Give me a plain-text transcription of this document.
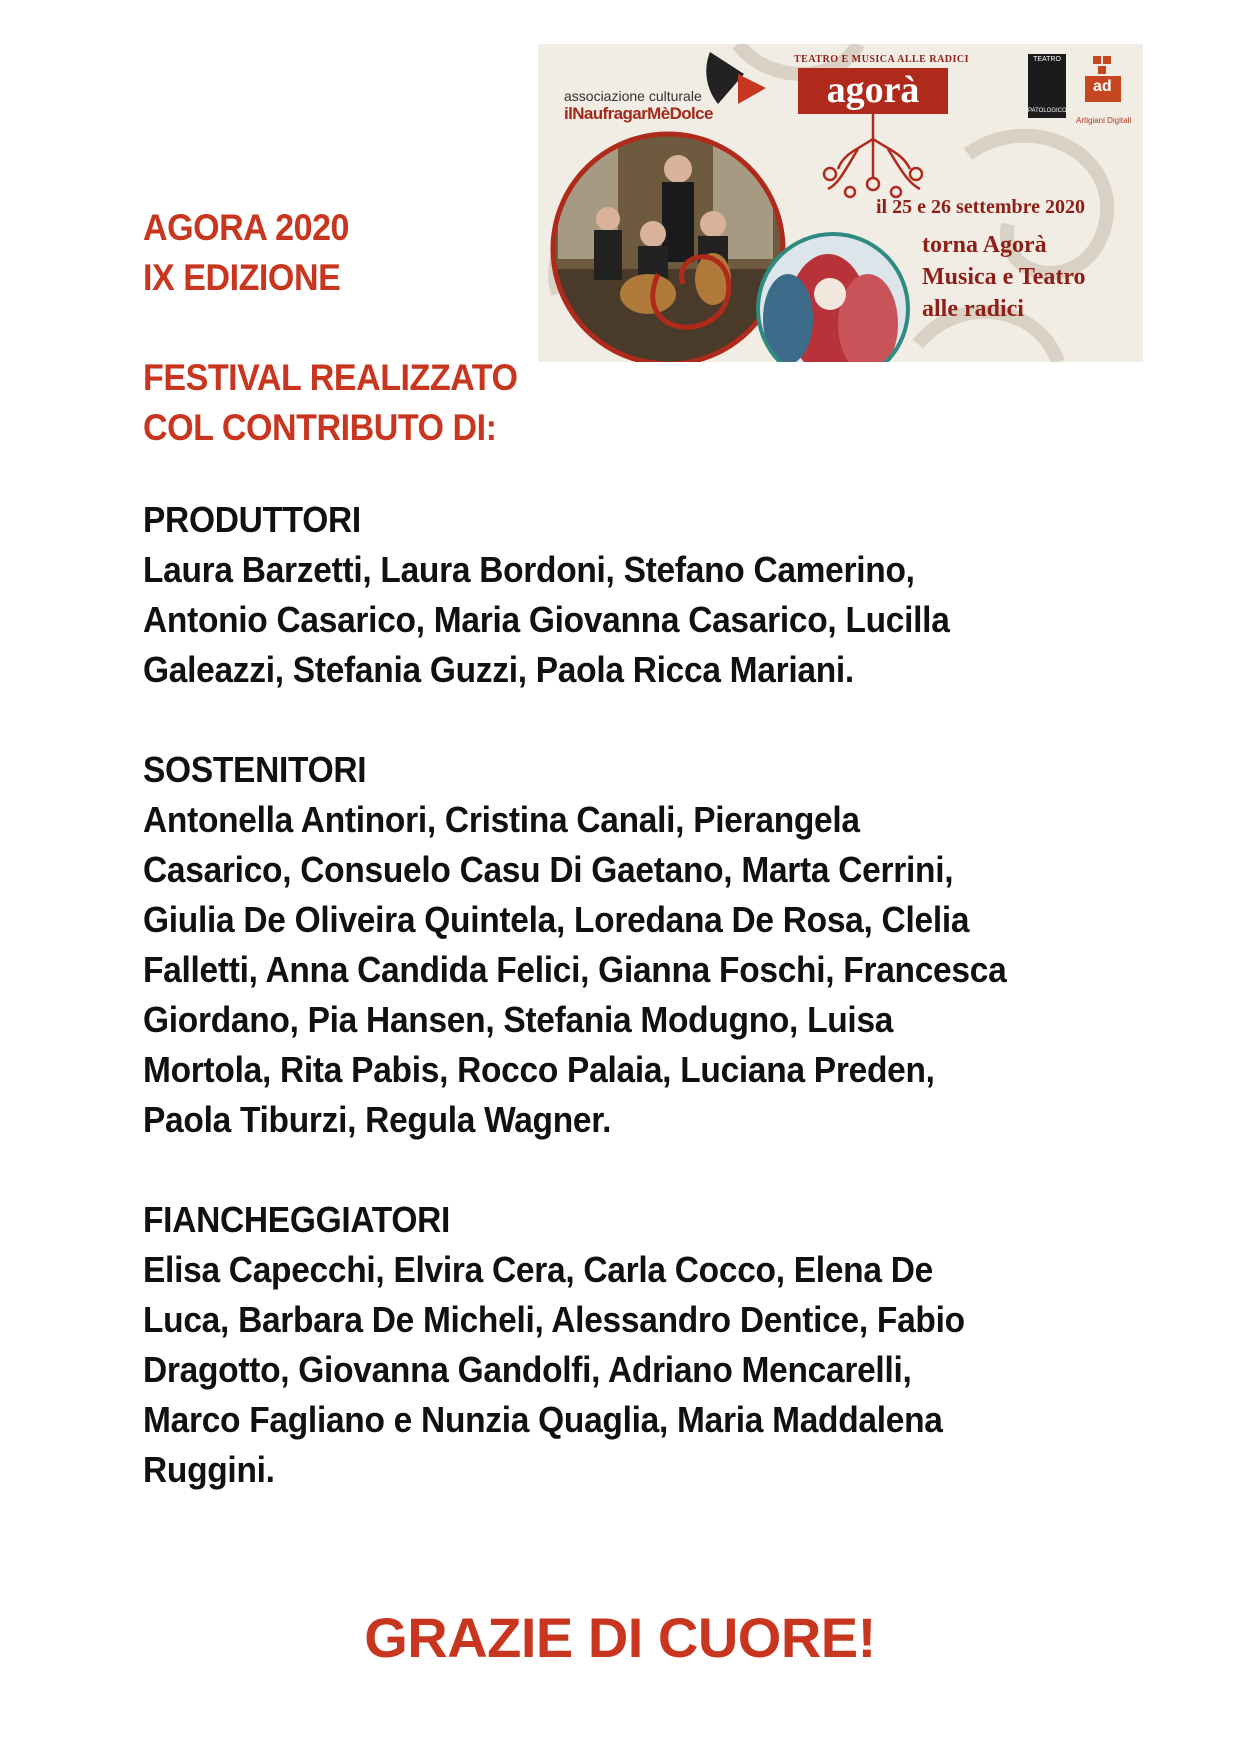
associazione culturale
ilNaufragarMèDolce
TEATRO E MUSICA ALLE RADICI
agorà
TEATRO
PATOLOGICO
ad
Artigiani Digitali
il 25 e 26 settembre 2020
torna Agorà
Musica e Teatro
alle radici
AGORA 2020
IX EDIZIONE
FESTIVAL REALIZZATO
COL CONTRIBUTO DI:
PRODUTTORI
Laura Barzetti, Laura Bordoni, Stefano Camerino,
Antonio Casarico, Maria Giovanna Casarico, Lucilla
Galeazzi, Stefania Guzzi, Paola Ricca Mariani.
SOSTENITORI
Antonella Antinori, Cristina Canali, Pierangela
Casarico, Consuelo Casu Di Gaetano, Marta Cerrini,
Giulia De Oliveira Quintela, Loredana De Rosa, Clelia
Falletti, Anna Candida Felici, Gianna Foschi, Francesca
Giordano, Pia Hansen, Stefania Modugno, Luisa
Mortola, Rita Pabis, Rocco Palaia, Luciana Preden,
Paola Tiburzi, Regula Wagner.
FIANCHEGGIATORI
Elisa Capecchi, Elvira Cera, Carla Cocco, Elena De
Luca, Barbara De Micheli, Alessandro Dentice, Fabio
Dragotto, Giovanna Gandolfi, Adriano Mencarelli,
Marco Fagliano e Nunzia Quaglia, Maria Maddalena
Ruggini.
GRAZIE DI CUORE!
